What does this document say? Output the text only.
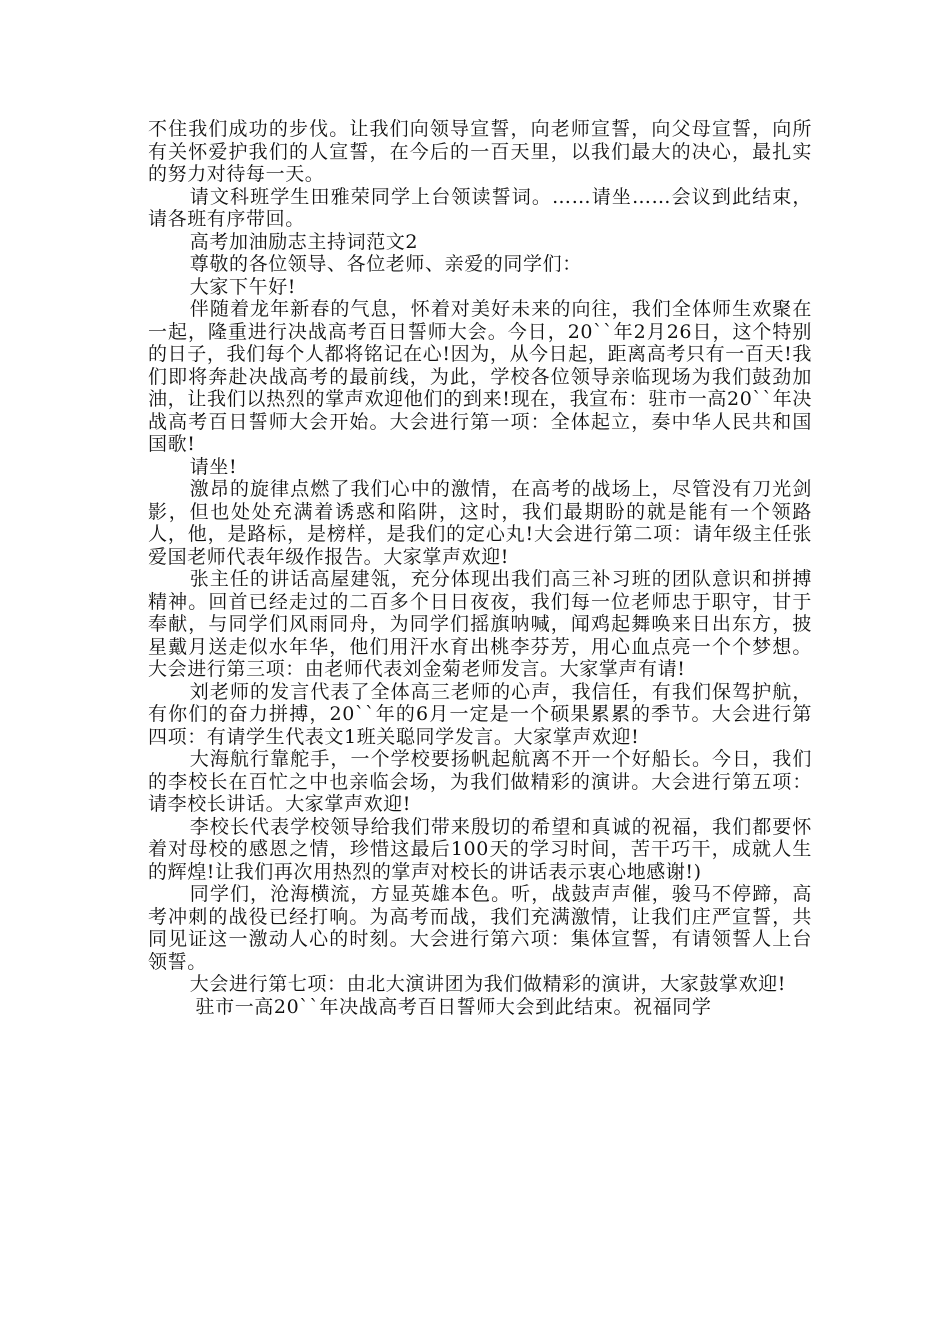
不住我们成功的步伐。让我们向领导宣誓，向老师宣誓，向父母宣誓，向所有关怀爱护我们的人宣誓，在今后的一百天里，以我们最大的决心，最扎实的努力对待每一天。

请文科班学生田雅荣同学上台领读誓词。……请坐……会议到此结束，请各班有序带回。

高考加油励志主持词范文2

尊敬的各位领导、各位老师、亲爱的同学们：

大家下午好!

伴随着龙年新春的气息，怀着对美好未来的向往，我们全体师生欢聚在一起，隆重进行决战高考百日誓师大会。今日，20``年2月26日，这个特别的日子，我们每个人都将铭记在心!因为，从今日起，距离高考只有一百天!我们即将奔赴决战高考的最前线，为此，学校各位领导亲临现场为我们鼓劲加油，让我们以热烈的掌声欢迎他们的到来!现在，我宣布：驻市一高20``年决战高考百日誓师大会开始。大会进行第一项：全体起立，奏中华人民共和国国歌!

请坐!

激昂的旋律点燃了我们心中的激情，在高考的战场上，尽管没有刀光剑影，但也处处充满着诱惑和陷阱，这时，我们最期盼的就是能有一个领路人，他，是路标，是榜样，是我们的定心丸!大会进行第二项：请年级主任张爱国老师代表年级作报告。大家掌声欢迎!

张主任的讲话高屋建瓴，充分体现出我们高三补习班的团队意识和拼搏精神。回首已经走过的二百多个日日夜夜，我们每一位老师忠于职守，甘于奉献，与同学们风雨同舟，为同学们摇旗呐喊，闻鸡起舞唤来日出东方，披星戴月送走似水年华，他们用汗水育出桃李芬芳，用心血点亮一个个梦想。大会进行第三项：由老师代表刘金菊老师发言。大家掌声有请!

刘老师的发言代表了全体高三老师的心声，我信任，有我们保驾护航，有你们的奋力拼搏，20``年的6月一定是一个硕果累累的季节。大会进行第四项：有请学生代表文1班关聪同学发言。大家掌声欢迎!

大海航行靠舵手，一个学校要扬帆起航离不开一个好船长。今日，我们的李校长在百忙之中也亲临会场，为我们做精彩的演讲。大会进行第五项：请李校长讲话。大家掌声欢迎!

李校长代表学校领导给我们带来殷切的希望和真诚的祝福，我们都要怀着对母校的感恩之情，珍惜这最后100天的学习时间，苦干巧干，成就人生的辉煌!让我们再次用热烈的掌声对校长的讲话表示衷心地感谢!)

同学们，沧海横流，方显英雄本色。听，战鼓声声催，骏马不停蹄，高考冲刺的战役已经打响。为高考而战，我们充满激情，让我们庄严宣誓，共同见证这一激动人心的时刻。大会进行第六项：集体宣誓，有请领誓人上台领誓。

大会进行第七项：由北大演讲团为我们做精彩的演讲，大家鼓掌欢迎!

驻市一高20``年决战高考百日誓师大会到此结束。祝福同学
